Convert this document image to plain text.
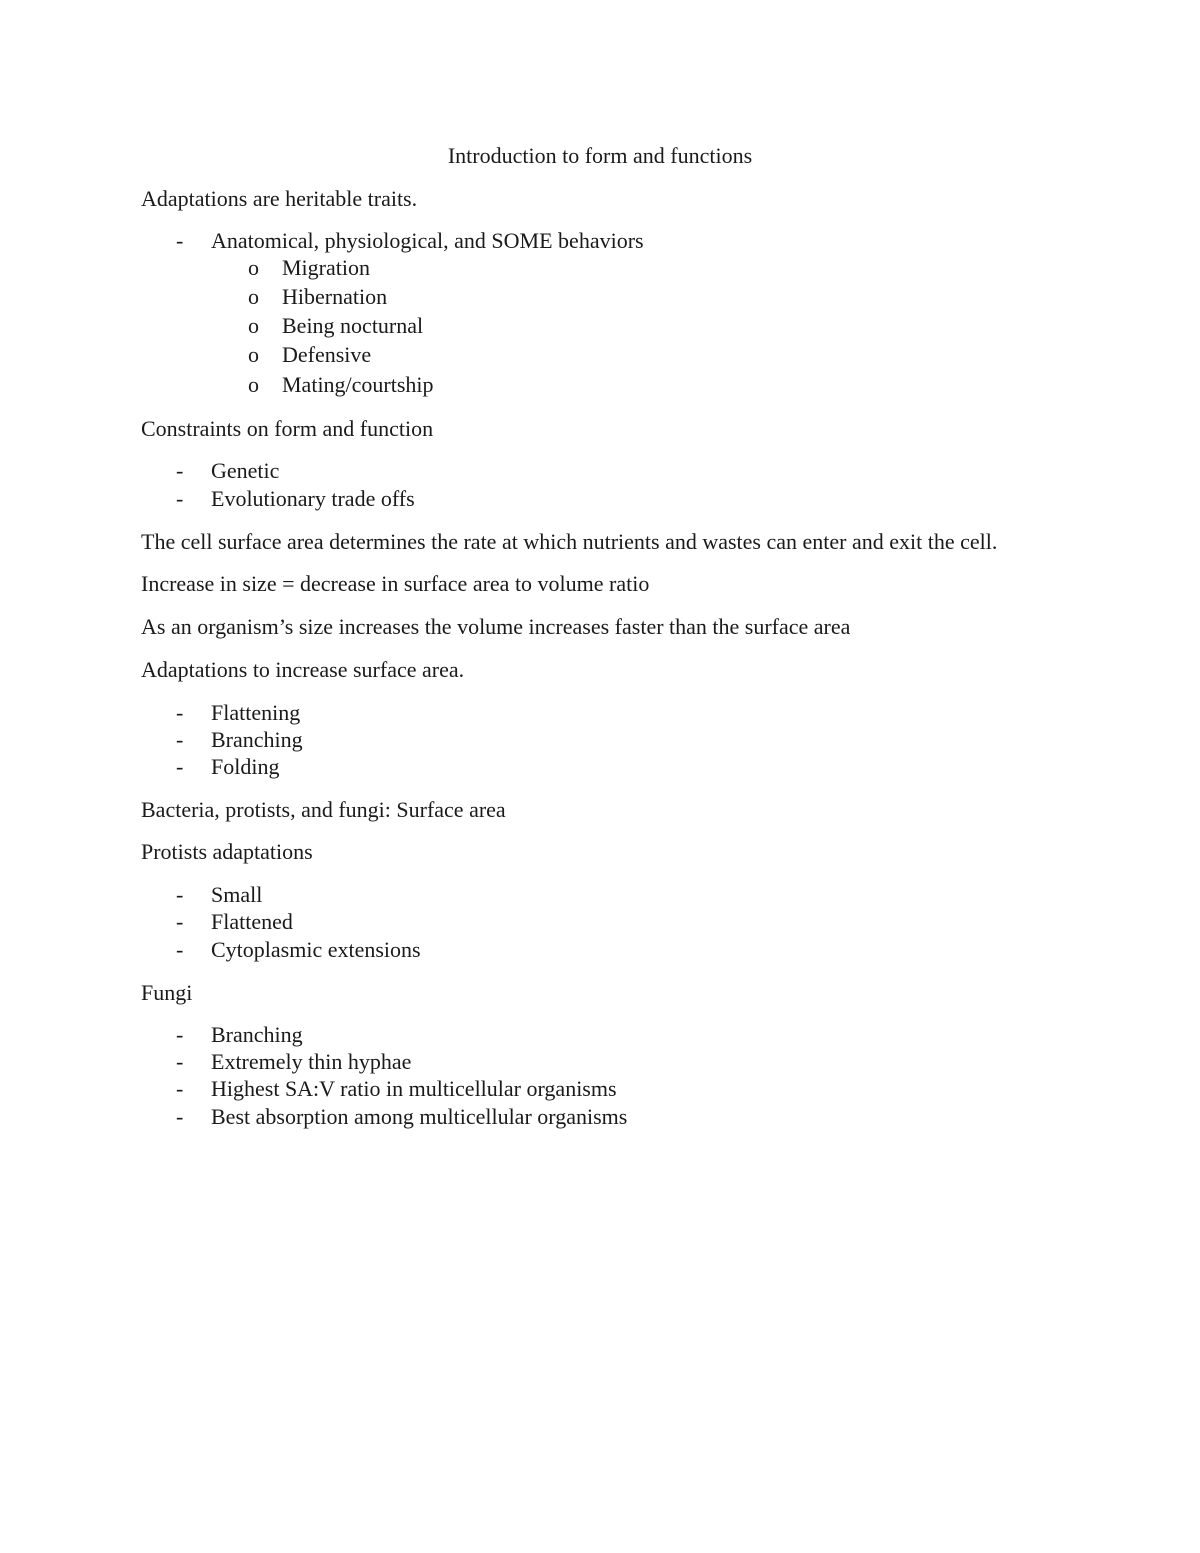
Introduction to form and functions
Adaptations are heritable traits.
- Anatomical, physiological, and SOME behaviors
o Migration
o Hibernation
o Being nocturnal
o Defensive
o Mating/courtship
Constraints on form and function
- Genetic
- Evolutionary trade offs
The cell surface area determines the rate at which nutrients and wastes can enter and exit the cell.
Increase in size = decrease in surface area to volume ratio
As an organism’s size increases the volume increases faster than the surface area
Adaptations to increase surface area.
- Flattening
- Branching
- Folding
Bacteria, protists, and fungi: Surface area
Protists adaptations
- Small
- Flattened
- Cytoplasmic extensions
Fungi
- Branching
- Extremely thin hyphae
- Highest SA:V ratio in multicellular organisms
- Best absorption among multicellular organisms
